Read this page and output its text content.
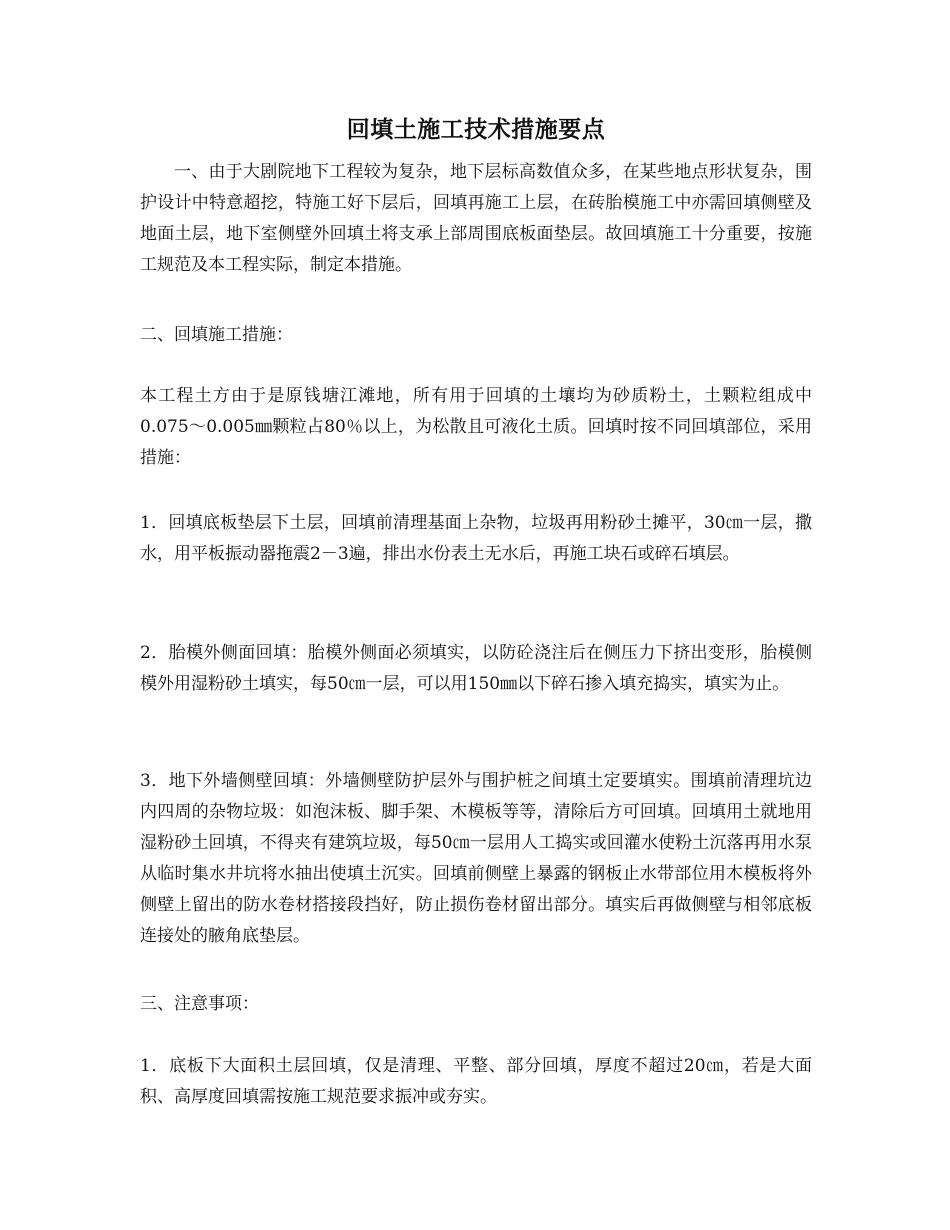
回填土施工技术措施要点

一、由于大剧院地下工程较为复杂，地下层标高数值众多，在某些地点形状复杂，围护设计中特意超挖，特施工好下层后，回填再施工上层，在砖胎模施工中亦需回填侧壁及地面土层，地下室侧壁外回填土将支承上部周围底板面垫层。故回填施工十分重要，按施工规范及本工程实际，制定本措施。

二、回填施工措施：

本工程土方由于是原钱塘江滩地，所有用于回填的土壤均为砂质粉土，土颗粒组成中0.075～0.005㎜颗粒占80％以上，为松散且可液化土质。回填时按不同回填部位，采用措施：

1．回填底板垫层下土层，回填前清理基面上杂物，垃圾再用粉砂土摊平，30㎝一层，撒水，用平板振动器拖震2－3遍，排出水份表土无水后，再施工块石或碎石填层。

2．胎模外侧面回填：胎模外侧面必须填实，以防砼浇注后在侧压力下挤出变形，胎模侧模外用湿粉砂土填实，每50㎝一层，可以用150㎜以下碎石掺入填充捣实，填实为止。

3．地下外墙侧壁回填：外墙侧壁防护层外与围护桩之间填土定要填实。围填前清理坑边内四周的杂物垃圾：如泡沫板、脚手架、木模板等等，清除后方可回填。回填用土就地用湿粉砂土回填，不得夹有建筑垃圾，每50㎝一层用人工捣实或回灌水使粉土沉落再用水泵从临时集水井坑将水抽出使填土沉实。回填前侧壁上暴露的钢板止水带部位用木模板将外侧壁上留出的防水卷材搭接段挡好，防止损伤卷材留出部分。填实后再做侧壁与相邻底板连接处的腋角底垫层。

三、注意事项：

1．底板下大面积土层回填，仅是清理、平整、部分回填，厚度不超过20㎝，若是大面积、高厚度回填需按施工规范要求振冲或夯实。
